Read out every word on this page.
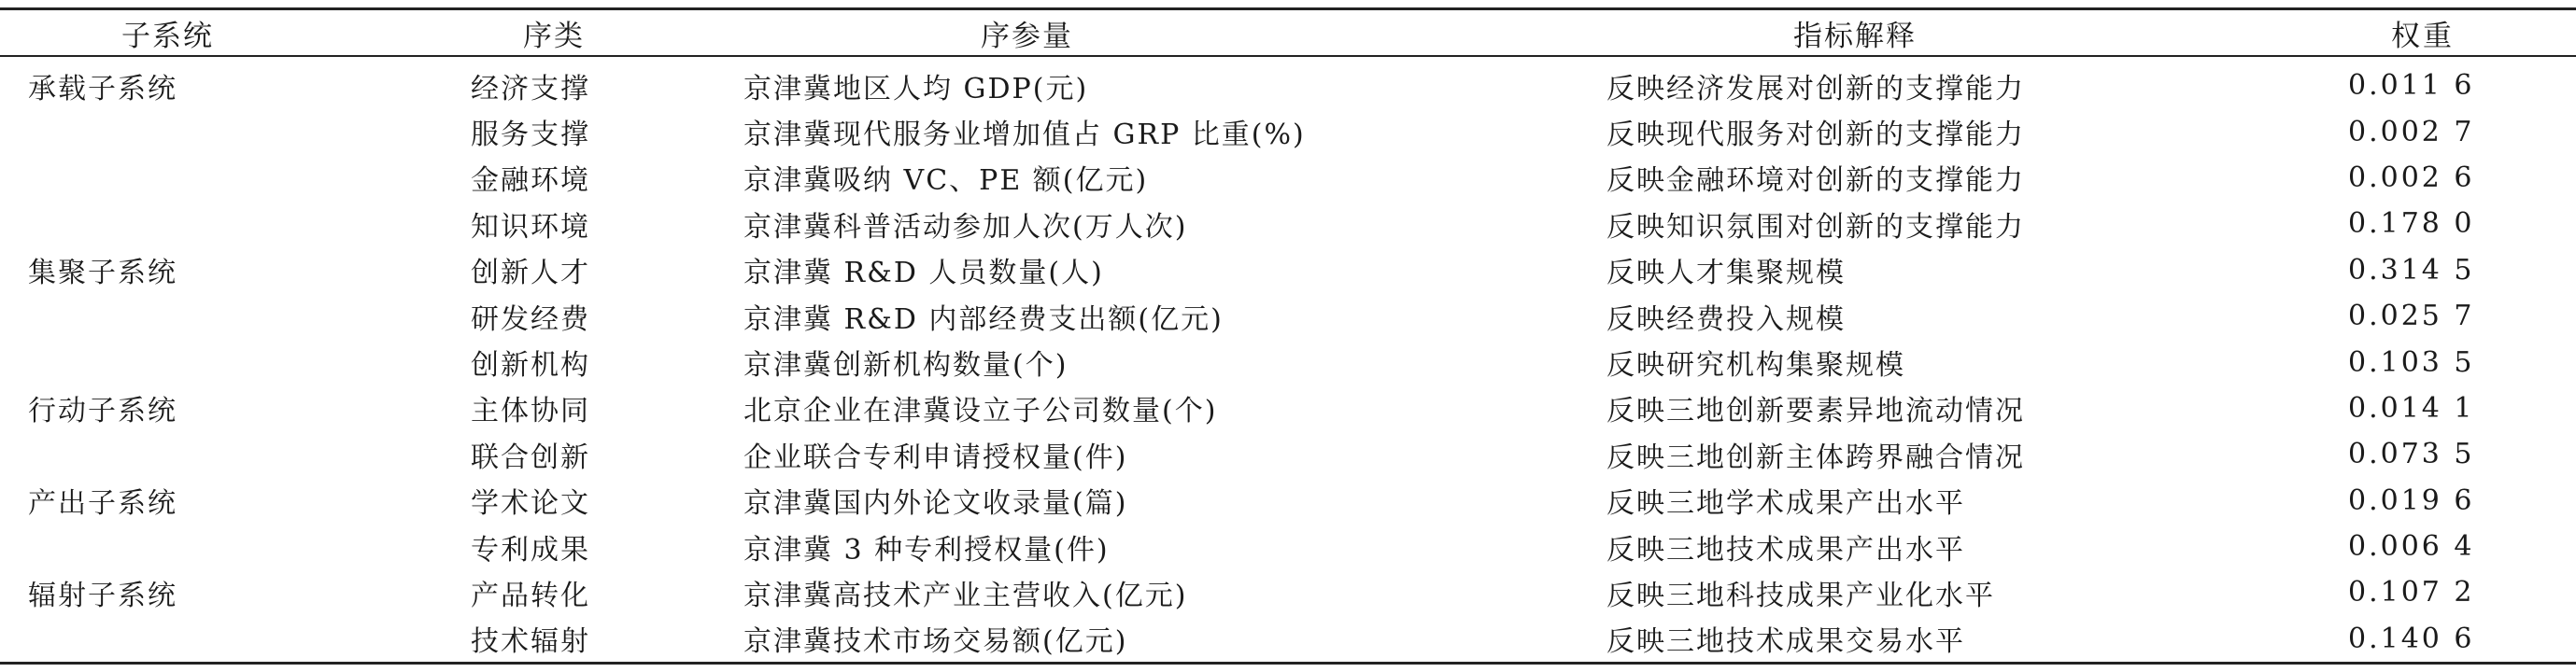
子系统	序类	序参量	指标解释	权重
承载子系统	经济支撑	京津冀地区人均 GDP(元)	反映经济发展对创新的支撑能力	0.011 6
	服务支撑	京津冀现代服务业增加值占 GRP 比重(%)	反映现代服务对创新的支撑能力	0.002 7
	金融环境	京津冀吸纳 VC、PE 额(亿元)	反映金融环境对创新的支撑能力	0.002 6
	知识环境	京津冀科普活动参加人次(万人次)	反映知识氛围对创新的支撑能力	0.178 0
集聚子系统	创新人才	京津冀 R&D 人员数量(人)	反映人才集聚规模	0.314 5
	研发经费	京津冀 R&D 内部经费支出额(亿元)	反映经费投入规模	0.025 7
	创新机构	京津冀创新机构数量(个)	反映研究机构集聚规模	0.103 5
行动子系统	主体协同	北京企业在津冀设立子公司数量(个)	反映三地创新要素异地流动情况	0.014 1
	联合创新	企业联合专利申请授权量(件)	反映三地创新主体跨界融合情况	0.073 5
产出子系统	学术论文	京津冀国内外论文收录量(篇)	反映三地学术成果产出水平	0.019 6
	专利成果	京津冀 3 种专利授权量(件)	反映三地技术成果产出水平	0.006 4
辐射子系统	产品转化	京津冀高技术产业主营收入(亿元)	反映三地科技成果产业化水平	0.107 2
	技术辐射	京津冀技术市场交易额(亿元)	反映三地技术成果交易水平	0.140 6
